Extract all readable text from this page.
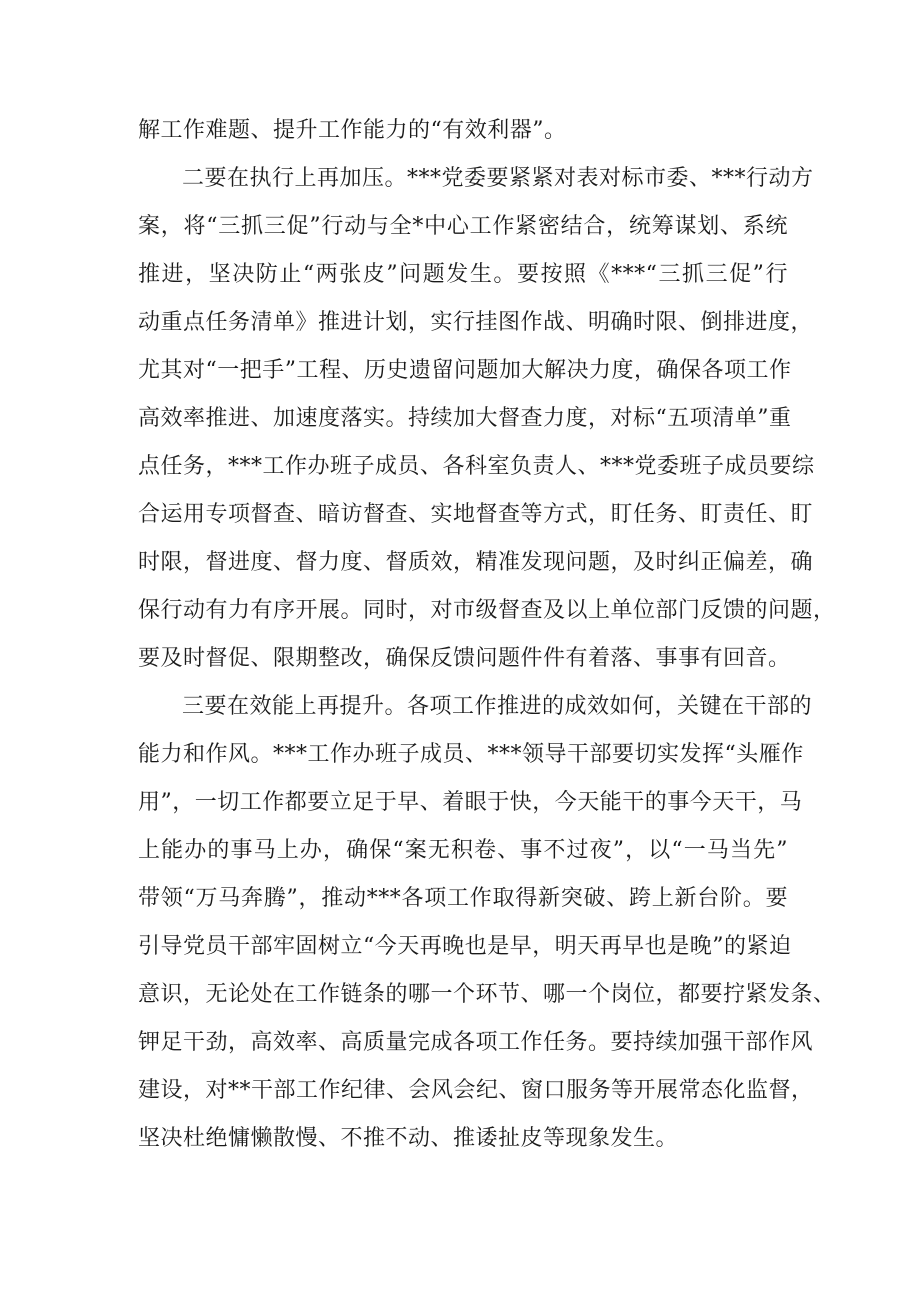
解工作难题、提升工作能力的“有效利器”。

二要在执行上再加压。***党委要紧紧对表对标市委、***行动方

案，将“三抓三促”行动与全*中心工作紧密结合，统筹谋划、系统

推进，坚决防止“两张皮”问题发生。要按照《***“三抓三促”行

动重点任务清单》推进计划，实行挂图作战、明确时限、倒排进度，

尤其对“一把手”工程、历史遗留问题加大解决力度，确保各项工作

高效率推进、加速度落实。持续加大督查力度，对标“五项清单”重

点任务，***工作办班子成员、各科室负责人、***党委班子成员要综

合运用专项督查、暗访督查、实地督查等方式，盯任务、盯责任、盯

时限，督进度、督力度、督质效，精准发现问题，及时纠正偏差，确

保行动有力有序开展。同时，对市级督查及以上单位部门反馈的问题，

要及时督促、限期整改，确保反馈问题件件有着落、事事有回音。

三要在效能上再提升。各项工作推进的成效如何，关键在干部的

能力和作风。***工作办班子成员、***领导干部要切实发挥“头雁作

用”，一切工作都要立足于早、着眼于快，今天能干的事今天干，马

上能办的事马上办，确保“案无积卷、事不过夜”，以“一马当先”

带领“万马奔腾”，推动***各项工作取得新突破、跨上新台阶。要

引导党员干部牢固树立“今天再晚也是早，明天再早也是晚”的紧迫

意识，无论处在工作链条的哪一个环节、哪一个岗位，都要拧紧发条、

钾足干劲，高效率、高质量完成各项工作任务。要持续加强干部作风

建设，对**干部工作纪律、会风会纪、窗口服务等开展常态化监督，

坚决杜绝慵懒散慢、不推不动、推诿扯皮等现象发生。
